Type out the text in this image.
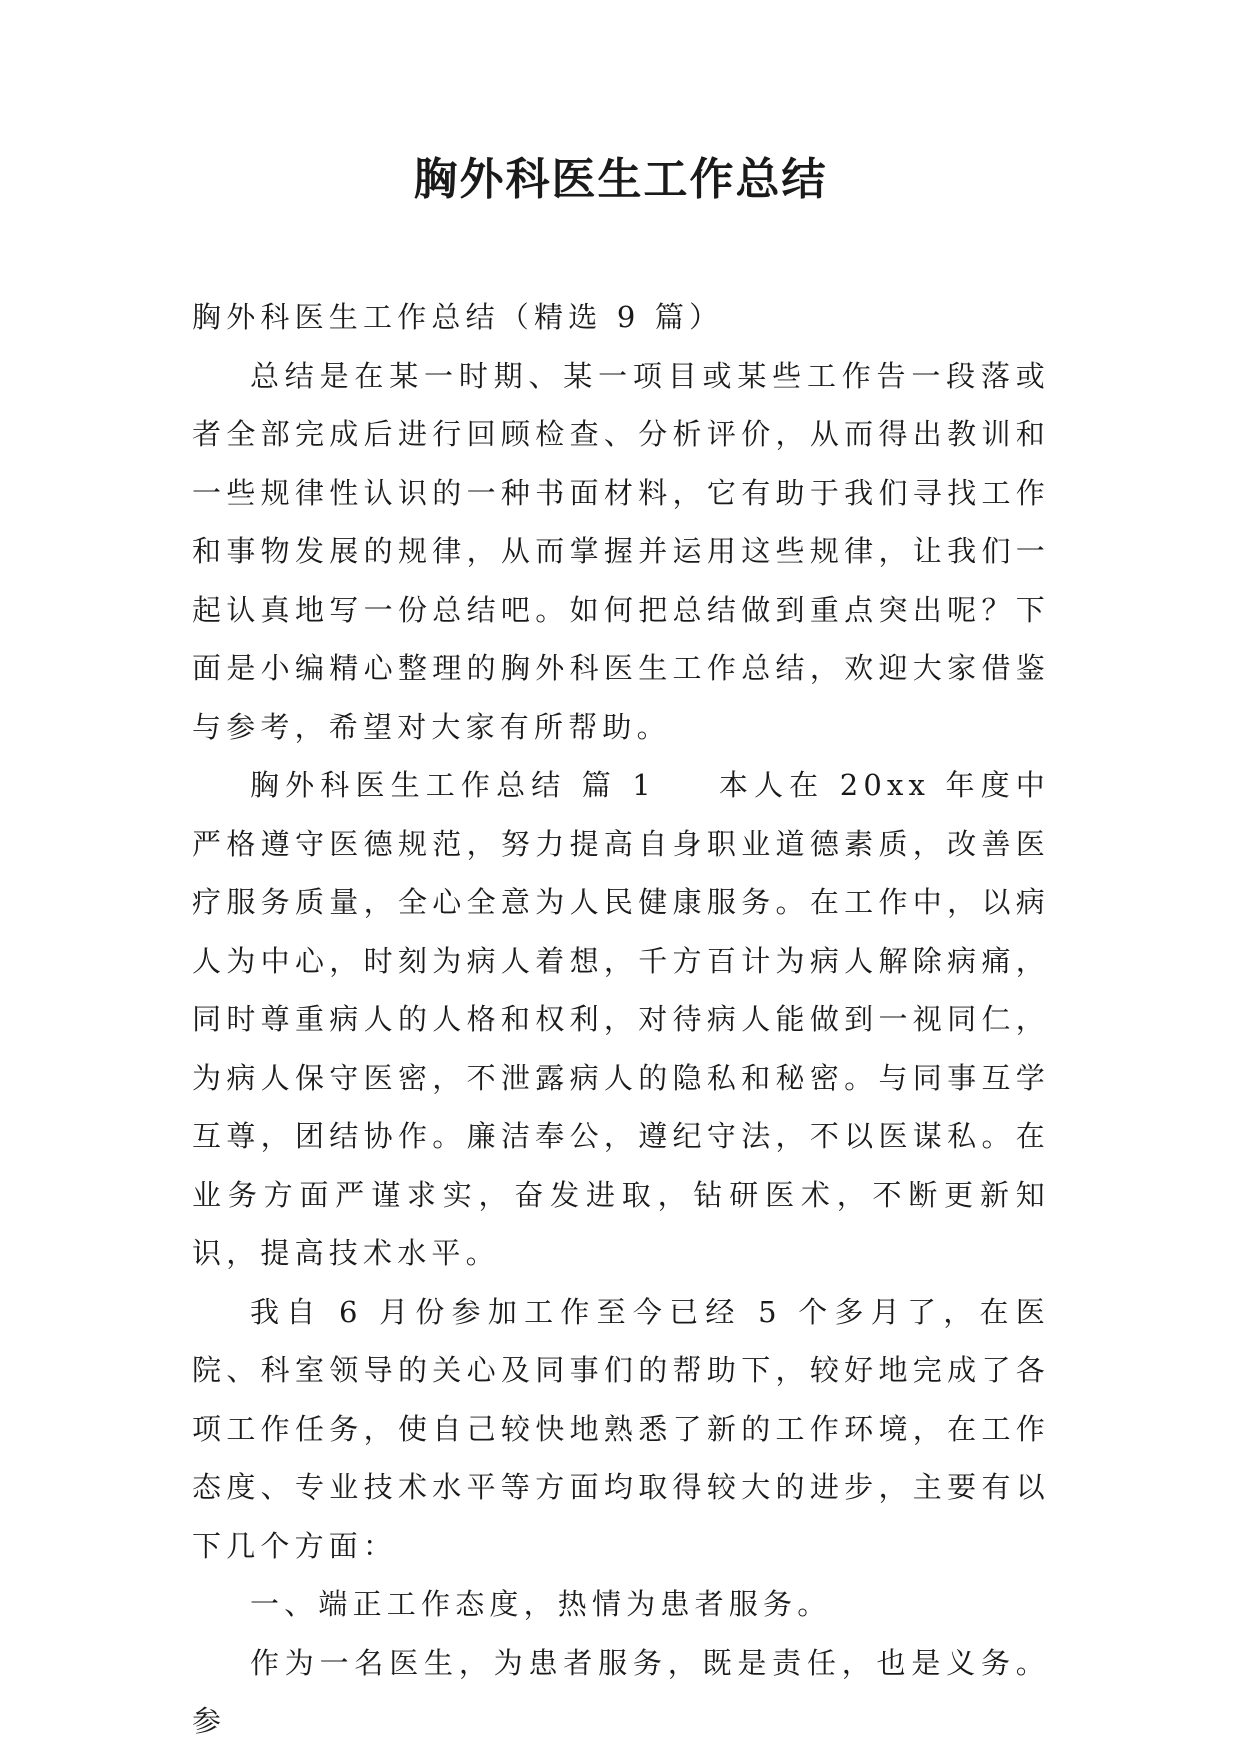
胸外科医生工作总结

胸外科医生工作总结（精选 9 篇）

总结是在某一时期、某一项目或某些工作告一段落或者全部完成后进行回顾检查、分析评价，从而得出教训和一些规律性认识的一种书面材料，它有助于我们寻找工作和事物发展的规律，从而掌握并运用这些规律，让我们一起认真地写一份总结吧。如何把总结做到重点突出呢？下面是小编精心整理的胸外科医生工作总结，欢迎大家借鉴与参考，希望对大家有所帮助。

胸外科医生工作总结 篇 1 本人在 20xx 年度中严格遵守医德规范，努力提高自身职业道德素质，改善医疗服务质量，全心全意为人民健康服务。在工作中，以病人为中心，时刻为病人着想，千方百计为病人解除病痛，同时尊重病人的人格和权利，对待病人能做到一视同仁，为病人保守医密，不泄露病人的隐私和秘密。与同事互学互尊，团结协作。廉洁奉公，遵纪守法，不以医谋私。在业务方面严谨求实，奋发进取，钻研医术，不断更新知识，提高技术水平。

我自 6 月份参加工作至今已经 5 个多月了，在医院、科室领导的关心及同事们的帮助下，较好地完成了各项工作任务，使自己较快地熟悉了新的工作环境，在工作态度、专业技术水平等方面均取得较大的进步，主要有以下几个方面：

一、端正工作态度，热情为患者服务。

作为一名医生，为患者服务，既是责任，也是义务。参
